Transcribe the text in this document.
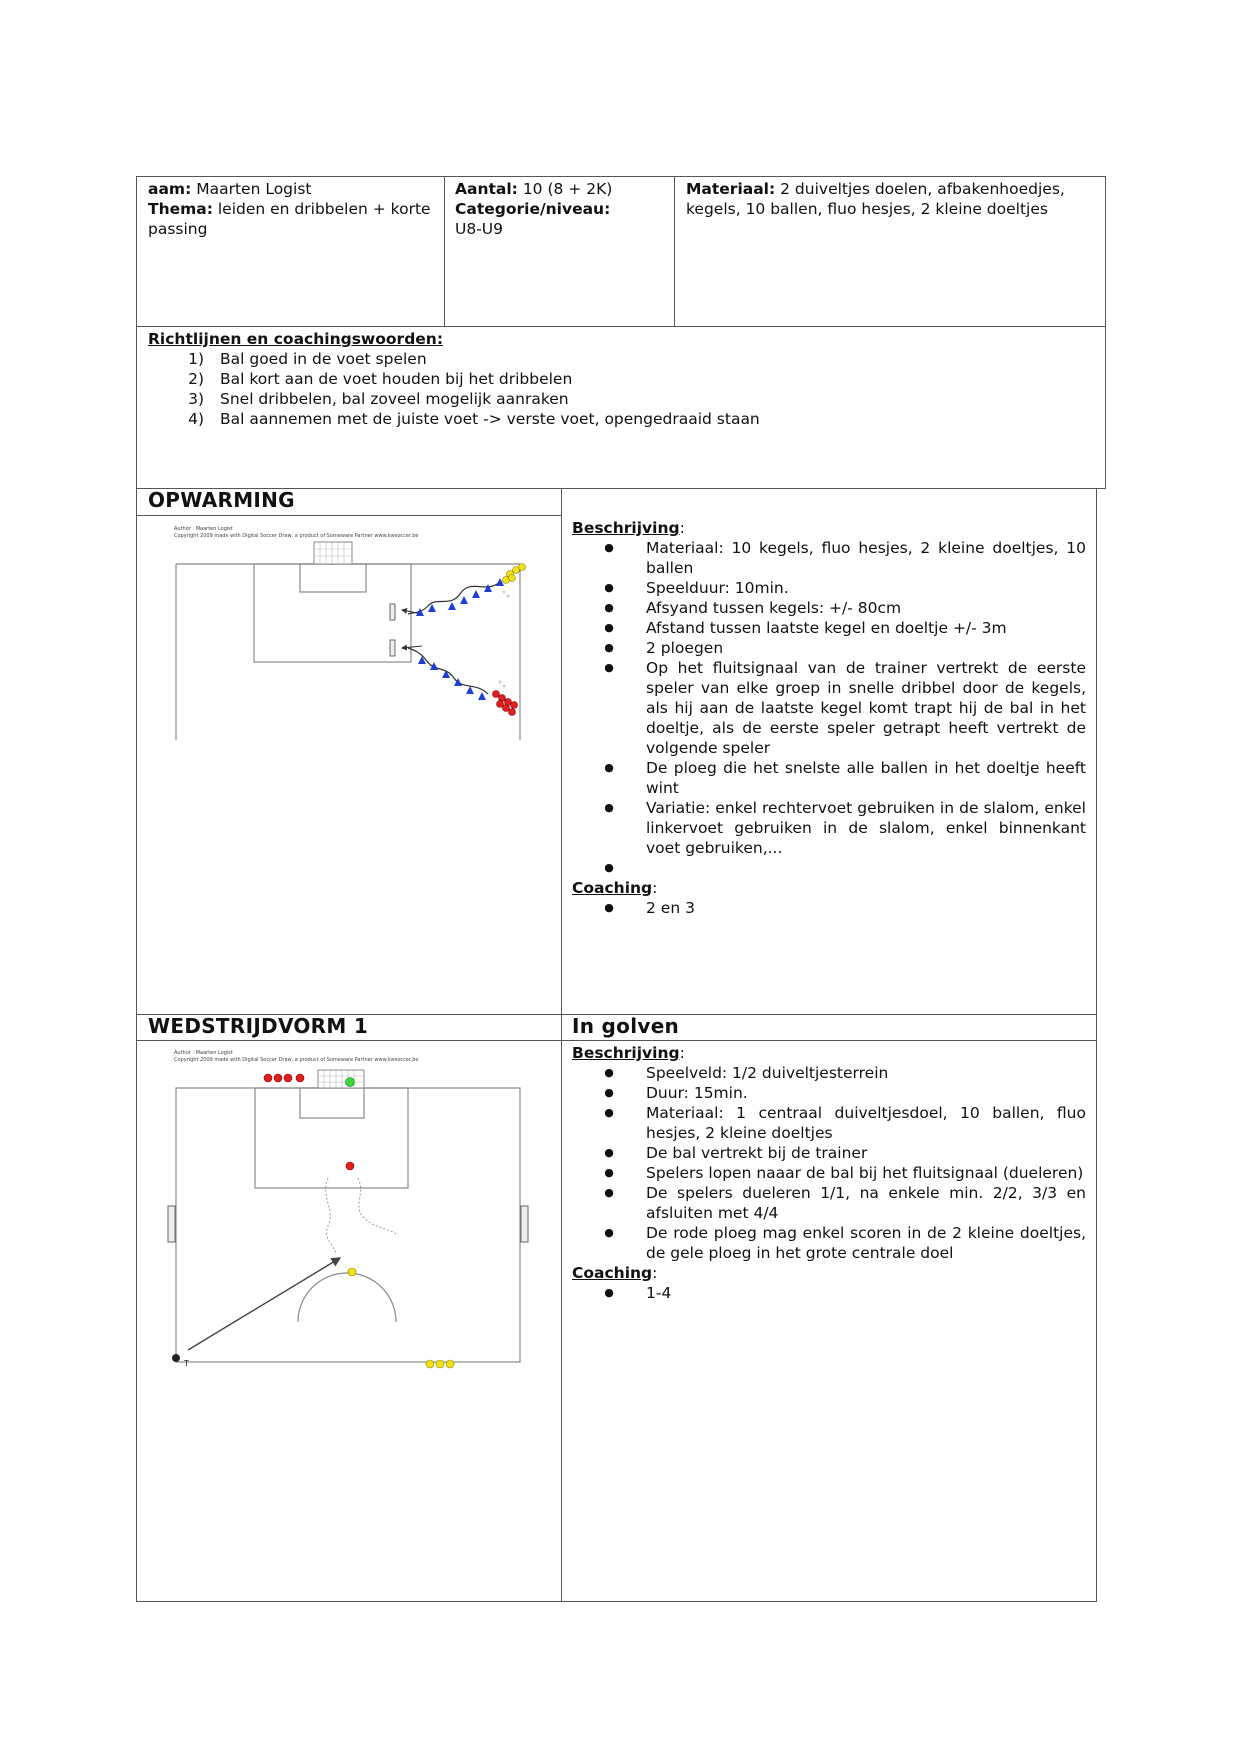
aam: Maarten Logist
Thema: leiden en dribbelen + korte passing
Aantal: 10 (8 + 2K)
Categorie/niveau:
U8-U9
Materiaal: 2 duiveltjes doelen, afbakenhoedjes, kegels, 10 ballen, fluo hesjes, 2 kleine doeltjes
Richtlijnen en coachingswoorden:
1)	Bal goed in de voet spelen
2)	Bal kort aan de voet houden bij het dribbelen
3)	Snel dribbelen, bal zoveel mogelijk aanraken
4)	Bal aannemen met de juiste voet -> verste voet, opengedraaid staan
OPWARMING
Author : Maarten Logist
Copyright 2009 made with Digital Soccer Draw, a product of Someware Partner www.kwsoccer.be	Beschrijving:
●	Materiaal: 10 kegels, fluo hesjes, 2 kleine doeltjes, 10 ballen
●	Speelduur: 10min.
●	Afsyand tussen kegels: +/- 80cm
●	Afstand tussen laatste kegel en doeltje +/- 3m
●	2 ploegen
●	Op het fluitsignaal van de trainer vertrekt de eerste speler van elke groep in snelle dribbel door de kegels, als hij aan de laatste kegel komt trapt hij de bal in het doeltje, als de eerste speler getrapt heeft vertrekt de volgende speler
●	De ploeg die het snelste alle ballen in het doeltje heeft wint
●	Variatie: enkel rechtervoet gebruiken in de slalom, enkel linkervoet gebruiken in de slalom, enkel binnenkant voet gebruiken,...
●
Coaching:
●	2 en 3
WEDSTRIJDVORM 1	In golven
Author : Maarten Logist
Copyright 2009 made with Digital Soccer Draw, a product of Someware Partner www.kwsoccer.be
T
Beschrijving:
●	Speelveld: 1/2 duiveltjesterrein
●	Duur: 15min.
●	Materiaal: 1 centraal duiveltjesdoel, 10 ballen, fluo hesjes, 2 kleine doeltjes
●	De bal vertrekt bij de trainer
●	Spelers lopen naaar de bal bij het fluitsignaal (dueleren)
●	De spelers dueleren 1/1, na enkele min. 2/2, 3/3 en afsluiten met 4/4
●	De rode ploeg mag enkel scoren in de 2 kleine doeltjes, de gele ploeg in het grote centrale doel
Coaching:
●	1-4
